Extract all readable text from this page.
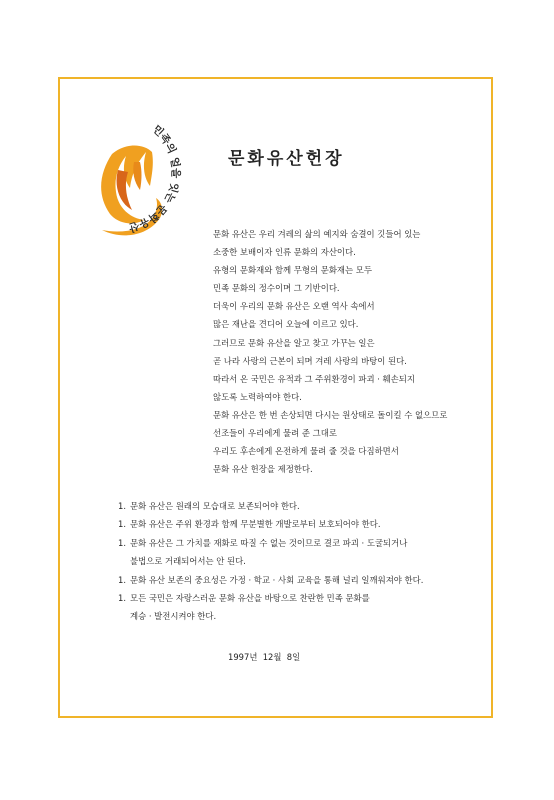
민족의 얼을 잇는 문화유산
문화유산헌장
문화 유산은 우리 겨레의 삶의 예지와 숨결이 깃들어 있는
소중한 보배이자 인류 문화의 자산이다.
유형의 문화재와 함께 무형의 문화재는 모두
민족 문화의 정수이며 그 기반이다.
더욱이 우리의 문화 유산은 오랜 역사 속에서
많은 재난을 견디어 오늘에 이르고 있다.
그러므로 문화 유산을 알고 찾고 가꾸는 일은
곧 나라 사랑의 근본이 되며 겨레 사랑의 바탕이 된다.
따라서 온 국민은 유적과 그 주위환경이 파괴 · 훼손되지
않도록 노력하여야 한다.
문화 유산은 한 번 손상되면 다시는 원상태로 돌이킬 수 없으므로
선조들이 우리에게 물려 준 그대로
우리도 후손에게 온전하게 물려 줄 것을 다짐하면서
문화 유산 헌장을 제정한다.
1. 문화 유산은 원래의 모습대로 보존되어야 한다.
1. 문화 유산은 주위 환경과 함께 무분별한 개발로부터 보호되어야 한다.
1. 문화 유산은 그 가치를 재화로 따질 수 없는 것이므로 결코 파괴 · 도굴되거나
불법으로 거래되어서는 안 된다.
1. 문화 유산 보존의 중요성은 가정 · 학교 · 사회 교육을 통해 널리 일깨워져야 한다.
1. 모든 국민은 자랑스러운 문화 유산을 바탕으로 찬란한 민족 문화를
계승 · 발전시켜야 한다.
1997년  12월  8일
